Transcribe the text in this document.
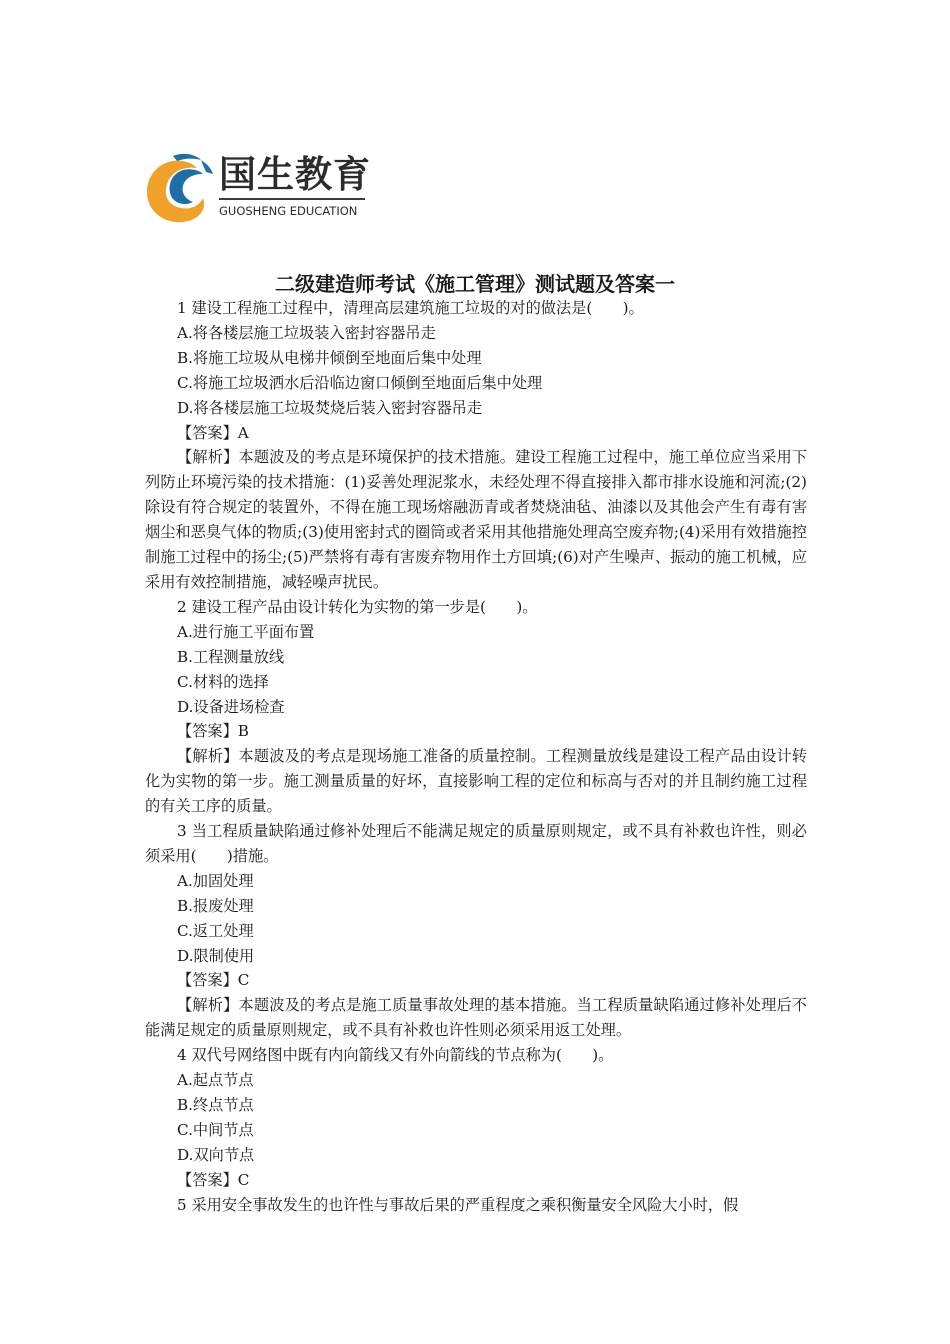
国生教育
GUOSHENG EDUCATION
二级建造师考试《施工管理》测试题及答案一

1 建设工程施工过程中，清理高层建筑施工垃圾的对的做法是(　　)。

A.将各楼层施工垃圾装入密封容器吊走

B.将施工垃圾从电梯井倾倒至地面后集中处理

C.将施工垃圾洒水后沿临边窗口倾倒至地面后集中处理

D.将各楼层施工垃圾焚烧后装入密封容器吊走

【答案】A

【解析】本题波及的考点是环境保护的技术措施。建设工程施工过程中，施工单位应当采用下列防止环境污染的技术措施：(1)妥善处理泥浆水，未经处理不得直接排入都市排水设施和河流;(2)除设有符合规定的装置外，不得在施工现场熔融沥青或者焚烧油毡、油漆以及其他会产生有毒有害烟尘和恶臭气体的物质;(3)使用密封式的圈筒或者采用其他措施处理高空废弃物;(4)采用有效措施控制施工过程中的扬尘;(5)严禁将有毒有害废弃物用作土方回填;(6)对产生噪声、振动的施工机械，应采用有效控制措施，减轻噪声扰民。

2 建设工程产品由设计转化为实物的第一步是(　　)。

A.进行施工平面布置

B.工程测量放线

C.材料的选择

D.设备进场检查

【答案】B

【解析】本题波及的考点是现场施工准备的质量控制。工程测量放线是建设工程产品由设计转化为实物的第一步。施工测量质量的好坏，直接影响工程的定位和标高与否对的并且制约施工过程的有关工序的质量。

3 当工程质量缺陷通过修补处理后不能满足规定的质量原则规定，或不具有补救也许性，则必须采用(　　)措施。

A.加固处理

B.报废处理

C.返工处理

D.限制使用

【答案】C

【解析】本题波及的考点是施工质量事故处理的基本措施。当工程质量缺陷通过修补处理后不能满足规定的质量原则规定，或不具有补救也许性则必须采用返工处理。

4 双代号网络图中既有内向箭线又有外向箭线的节点称为(　　)。

A.起点节点

B.终点节点

C.中间节点

D.双向节点

【答案】C

5 采用安全事故发生的也许性与事故后果的严重程度之乘积衡量安全风险大小时，假
